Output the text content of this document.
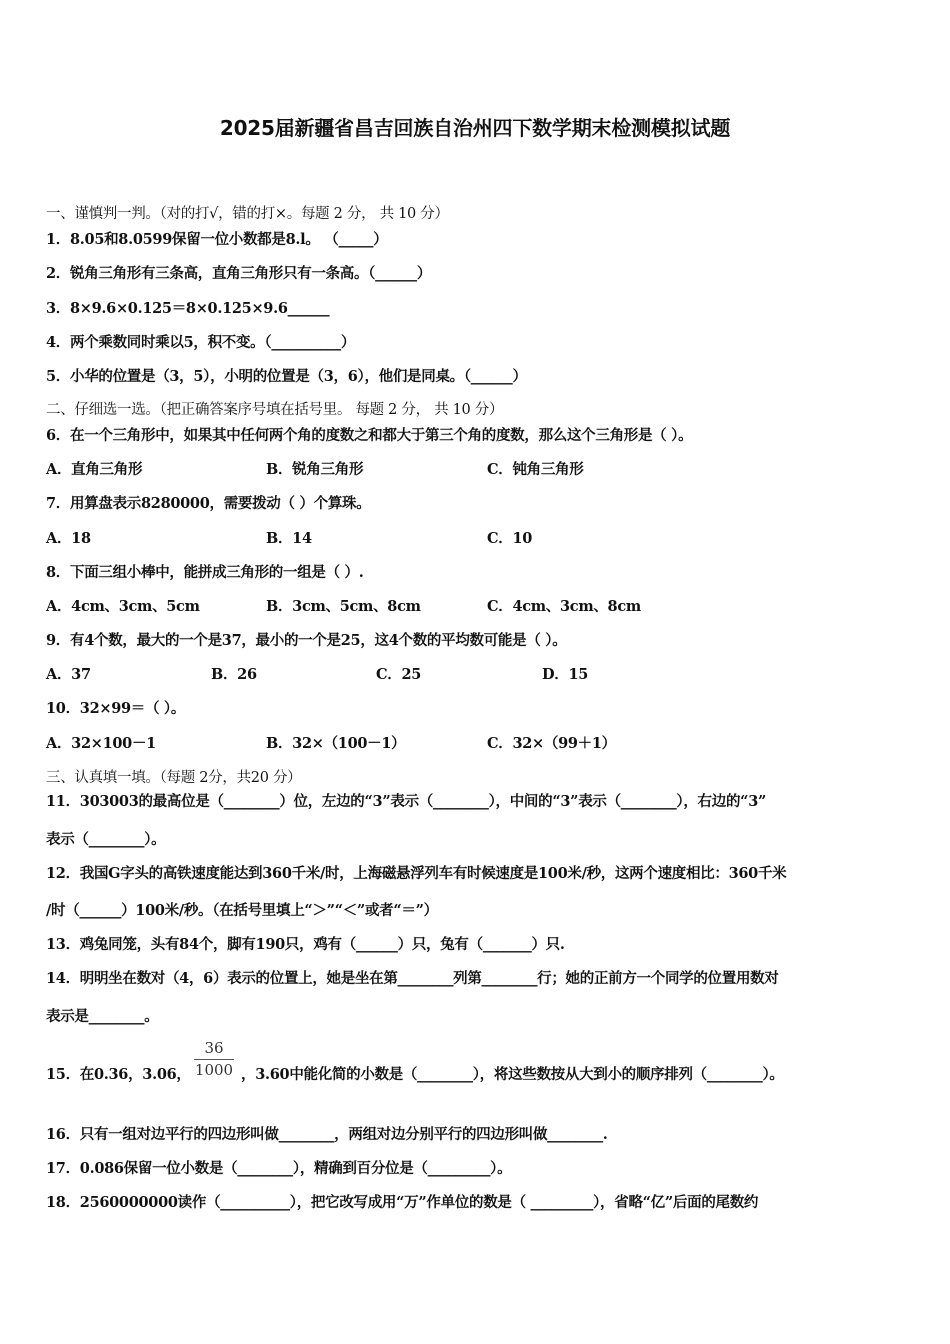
2025届新疆省昌吉回族自治州四下数学期末检测模拟试题
一、谨慎判一判。（对的打√，错的打×。每题 2 分， 共 10 分）
1．8.05和8.0599保留一位小数都是8.l。 （_____）
2．锐角三角形有三条高，直角三角形只有一条高。（______）
3．8×9.6×0.125＝8×0.125×9.6______
4．两个乘数同时乘以5，积不变。（__________）
5．小华的位置是（3，5），小明的位置是（3，6），他们是同桌。（______）
二、仔细选一选。（把正确答案序号填在括号里。 每题 2 分， 共 10 分）
6．在一个三角形中，如果其中任何两个角的度数之和都大于第三个角的度数，那么这个三角形是（ ）。
A．直角三角形	B．锐角三角形	C．钝角三角形
7．用算盘表示8280000，需要拨动（ ）个算珠。
A．18	B．14	C．10
8．下面三组小棒中，能拼成三角形的一组是（ ）.
A．4cm、3cm、5cm	B．3cm、5cm、8cm	C．4cm、3cm、8cm
9．有4个数，最大的一个是37，最小的一个是25，这4个数的平均数可能是（ ）。
A．37	B．26	C．25	D．15
10．32×99＝（ ）。
A．32×100－1	B．32×（100－1）	C．32×（99＋1）
三、认真填一填。（每题 2分，共20 分）
11．303003的最高位是（________）位，左边的“3”表示（________），中间的“3”表示（________），右边的“3”
表示（________）。
12．我国G字头的高铁速度能达到360千米/时，上海磁悬浮列车有时候速度是100米/秒，这两个速度相比：360千米
/时（______）100米/秒。（在括号里填上“＞”“＜”或者“＝”）
13．鸡兔同笼，头有84个，脚有190只，鸡有（______）只，兔有（_______）只.
14．明明坐在数对（4，6）表示的位置上，她是坐在第________列第________行；她的正前方一个同学的位置用数对
表示是________。
15．在0.36，3.06，
36
1000 ，3.60中能化简的小数是（________），将这些数按从大到小的顺序排列（________）。
16．只有一组对边平行的四边形叫做________，两组对边分别平行的四边形叫做________.
17．0.086保留一位小数是（________），精确到百分位是（_________）。
18．2560000000读作（__________），把它改写成用“万”作单位的数是（ _________），省略“亿”后面的尾数约
